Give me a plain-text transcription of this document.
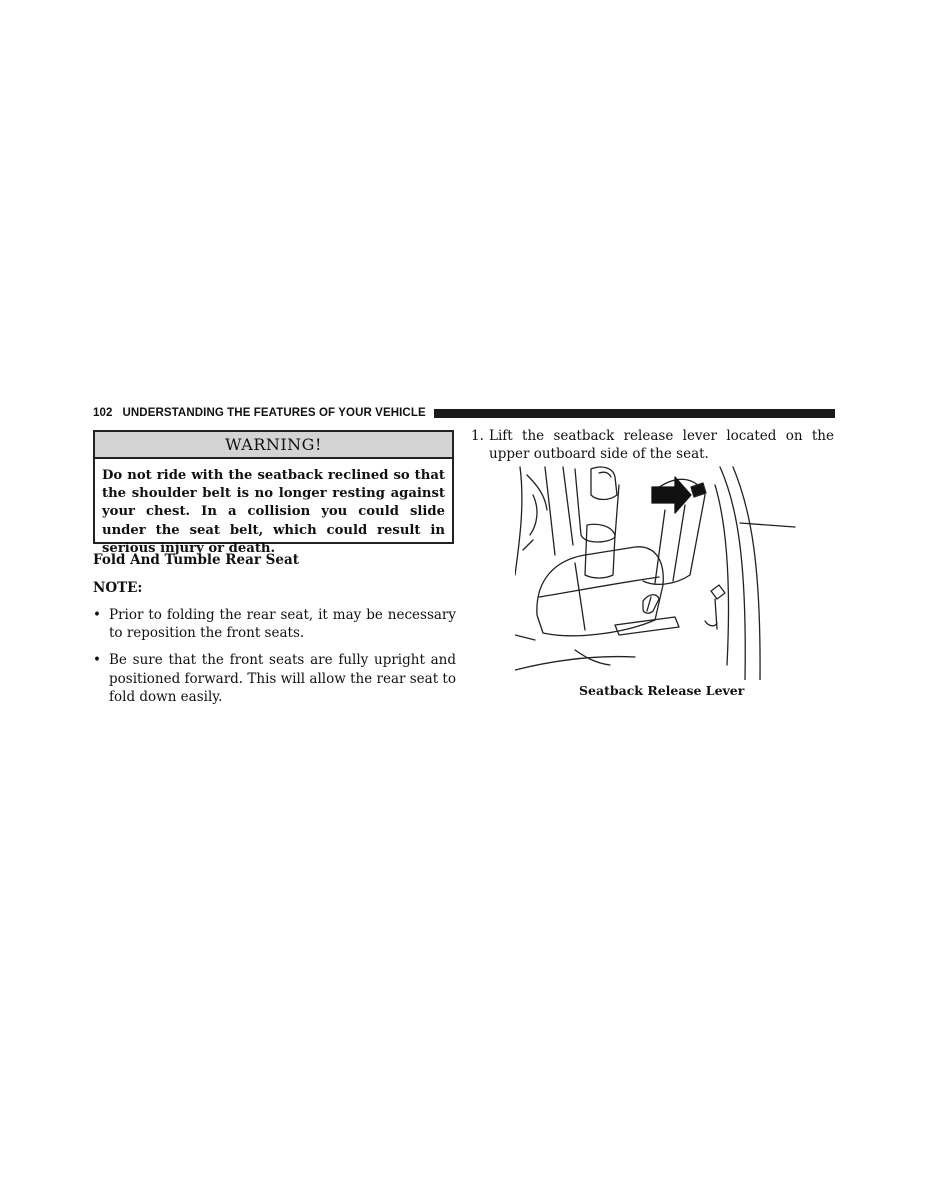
102 UNDERSTANDING THE FEATURES OF YOUR VEHICLE
WARNING!
Do not ride with the seatback reclined so that the shoulder belt is no longer resting against your chest. In a collision you could slide under the seat belt, which could result in serious injury or death.
Fold And Tumble Rear Seat
NOTE:
• Prior to folding the rear seat, it may be necessary to reposition the front seats.
• Be sure that the front seats are fully upright and positioned forward. This will allow the rear seat to fold down easily.
1. Lift the seatback release lever located on the upper outboard side of the seat.
Seatback Release Lever
